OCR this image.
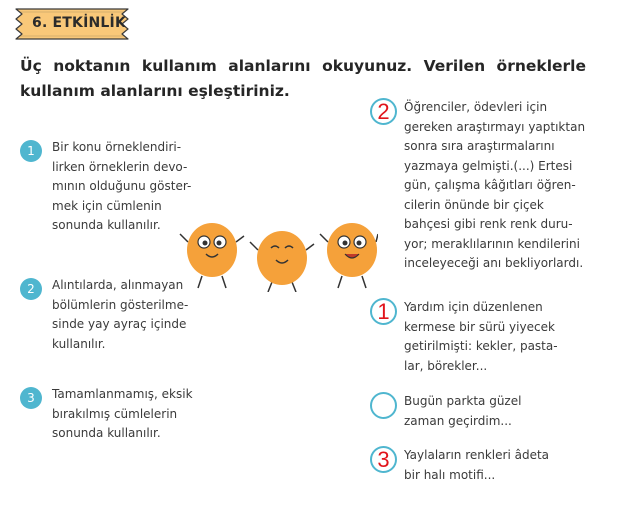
6. ETKİNLİK
Üç noktanın kullanım alanlarını okuyunuz. Verilen örneklerle kullanım alanlarını eşleştiriniz.
1	Bir konu örneklendiri-
lirken örneklerin devo-
mının olduğunu göster-
mek için cümlenin
sonunda kullanılır.
2	Alıntılarda, alınmayan
bölümlerin gösterilme-
sinde yay ayraç içinde
kullanılır.
3	Tamamlanmamış, eksik
bırakılmış cümlelerin
sonunda kullanılır.
2	Öğrenciler, ödevleri için
gereken araştırmayı yaptıktan
sonra sıra araştırmalarını
yazmaya gelmişti.(...) Ertesi
gün, çalışma kâğıtları öğren-
cilerin önünde bir çiçek
bahçesi gibi renk renk duru-
yor; meraklılarının kendilerini
inceleyeceği anı bekliyorlardı.
1	Yardım için düzenlenen
kermese bir sürü yiyecek
getirilmişti: kekler, pasta-
lar, börekler...
Bugün parkta güzel
zaman geçirdim...
3	Yaylaların renkleri âdeta
bir halı motifi...
